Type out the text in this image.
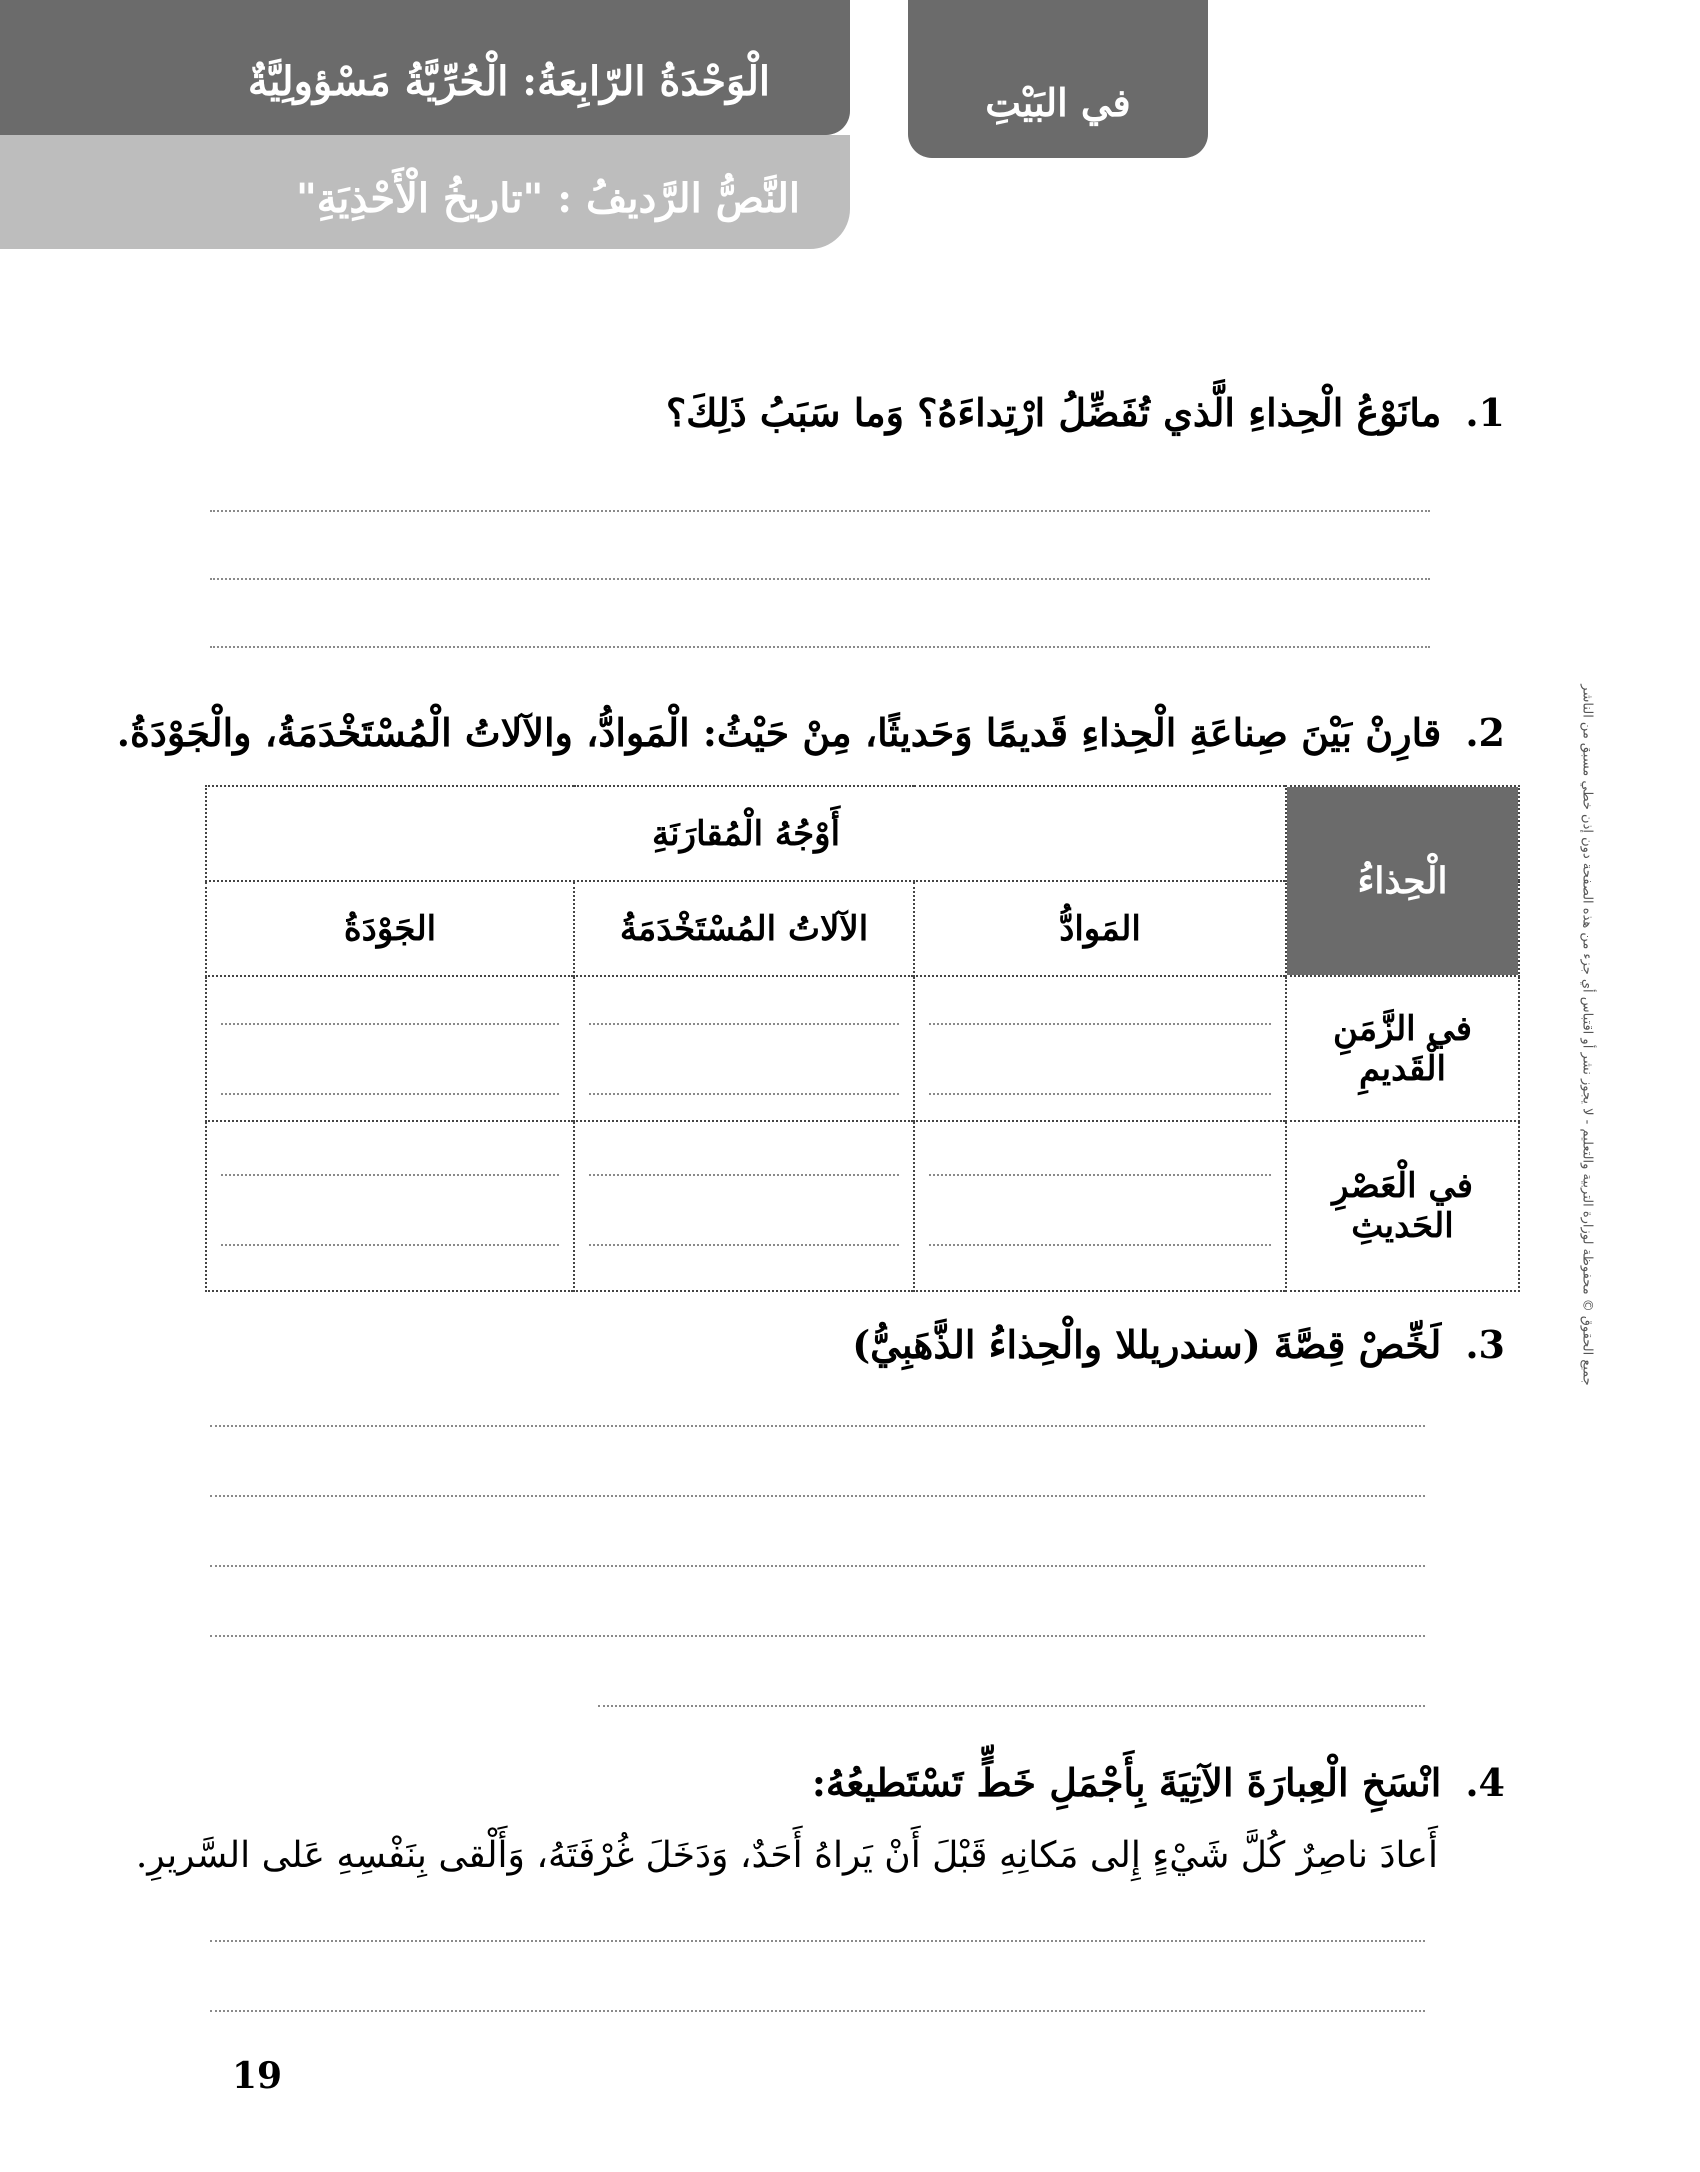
الْوَحْدَةُ الرّابِعَةُ: الْحُرِّيَّةُ مَسْؤولِيَّةٌ
النَّصُّ الرَّديفُ : "تاريخُ الْأَحْذِيَةِ"
في البَيْتِ
جميع الحقوق © محفوظة لوزارة التربية والتعليم - لا يجوز نشر أو اقتباس أي جزء من هذه الصفحة دون إذن خطي مسبق من الناشر
1.مانَوْعُ الْحِذاءِ الَّذي تُفَضِّلُ ارْتِداءَهُ؟ وَما سَبَبُ ذَلِكَ؟
2.قارِنْ بَيْنَ صِناعَةِ الْحِذاءِ قَديمًا وَحَديثًا، مِنْ حَيْثُ: الْمَوادُّ، والآلاتُ الْمُسْتَخْدَمَةُ، والْجَوْدَةُ.
الْحِذاءُ	أَوْجُهُ الْمُقارَنَةِ		
	المَوادُّ	الآلاتُ المُسْتَخْدَمَةُ	الجَوْدَةُ
في الزَّمَنِ الْقَديمِ	

في الْعَصْرِ الحَديثِ	

3.لَخِّصْ قِصَّةَ (سندريللا والْحِذاءُ الذَّهَبِيُّ)
4.انْسَخِ الْعِبارَةَ الآتِيَةَ بِأَجْمَلِ خَطٍّ تَسْتَطيعُهُ:
أَعادَ ناصِرٌ كُلَّ شَيْءٍ إِلى مَكانِهِ قَبْلَ أَنْ يَراهُ أَحَدٌ، وَدَخَلَ غُرْفَتَهُ، وَأَلْقى بِنَفْسِهِ عَلى السَّريرِ.
19
